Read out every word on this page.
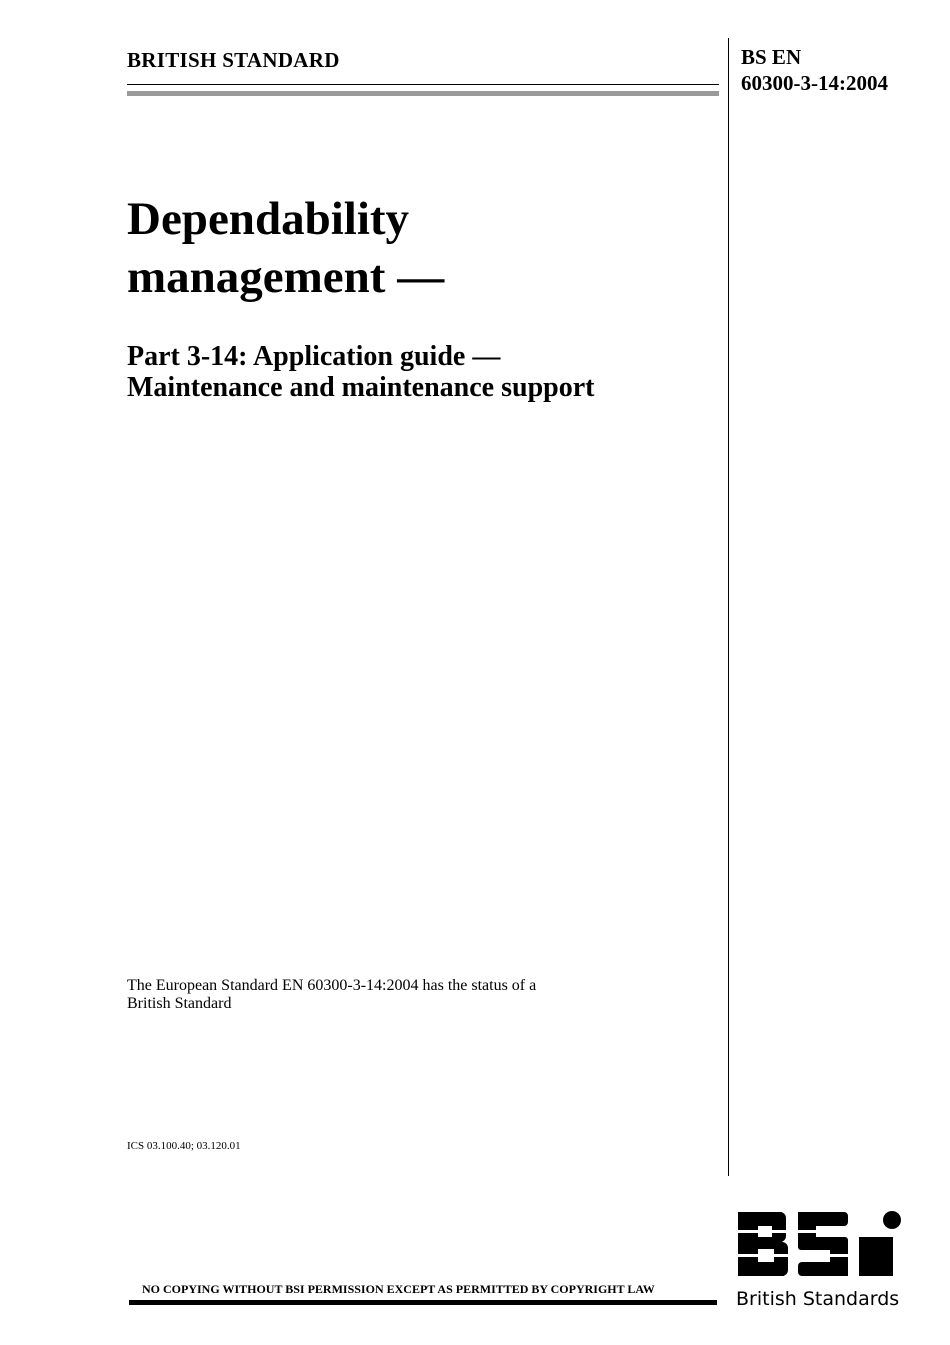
BRITISH STANDARD	BS EN
60300-3-14:2004
Dependability
management —
Part 3-14: Application guide —
Maintenance and maintenance support
The European Standard EN 60300-3-14:2004 has the status of a
British Standard
ICS 03.100.40; 03.120.01
NO COPYING WITHOUT BSI PERMISSION EXCEPT AS PERMITTED BY COPYRIGHT LAW	British Standards
